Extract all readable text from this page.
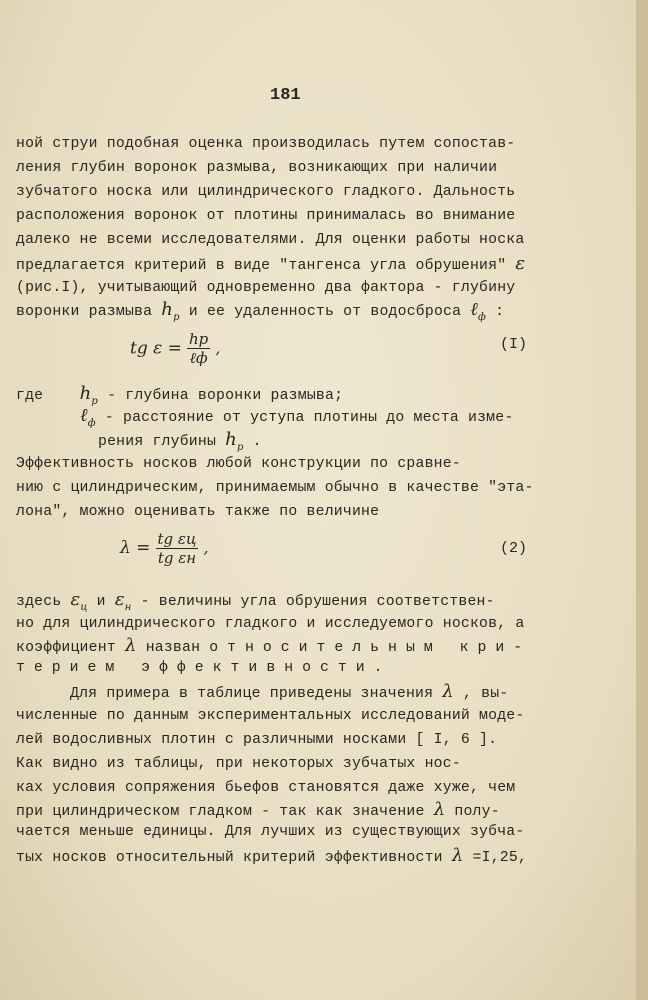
181
ной струи подобная оценка производилась путем сопостав-
ления глубин воронок размыва, возникающих при наличии
зубчатого носка или цилиндрического гладкого. Дальность
расположения воронок от плотины принималась во внимание
далеко не всеми исследователями. Для оценки работы носка
предлагается критерий в виде "тангенса угла обрушения" ε
(рис.I), учитывающий одновременно два фактора - глубину
воронки размыва $h_р$ и ее удаленность от водосброса ℓ$_ф$ :
tg $\varepsilon = \frac{hр}{\text{ℓф}}$ ,	(I)
где $h_р$ - глубина воронки размыва;
ℓ$_ф$ - расстояние от уступа плотины до места изме-
рения глубины $h_р$ .
Эффективность носков любой конструкции по сравне-
нию с цилиндрическим, принимаемым обычно в качестве "эта-
лона", можно оценивать также по величине
$\lambda = \frac{\text{tg εц}}{\text{tg εн}}$ ,	(2)
здесь $\varepsilon_ц$ и $\varepsilon_н$ - величины угла обрушения соответствен-
но для цилиндрического гладкого и исследуемого носков, а
коэффициент λ назван относительным кри-
терием эффективности.
Для примера в таблице приведены значения λ , вы-
численные по данным экспериментальных исследований моде-
лей водосливных плотин с различными носками [ I, 6 ].
Как видно из таблицы, при некоторых зубчатых нос-
ках условия сопряжения бьефов становятся даже хуже, чем
при цилиндрическом гладком - так как значение λ полу-
чается меньше единицы. Для лучших из существующих зубча-
тых носков относительный критерий эффективности λ =I,25,
